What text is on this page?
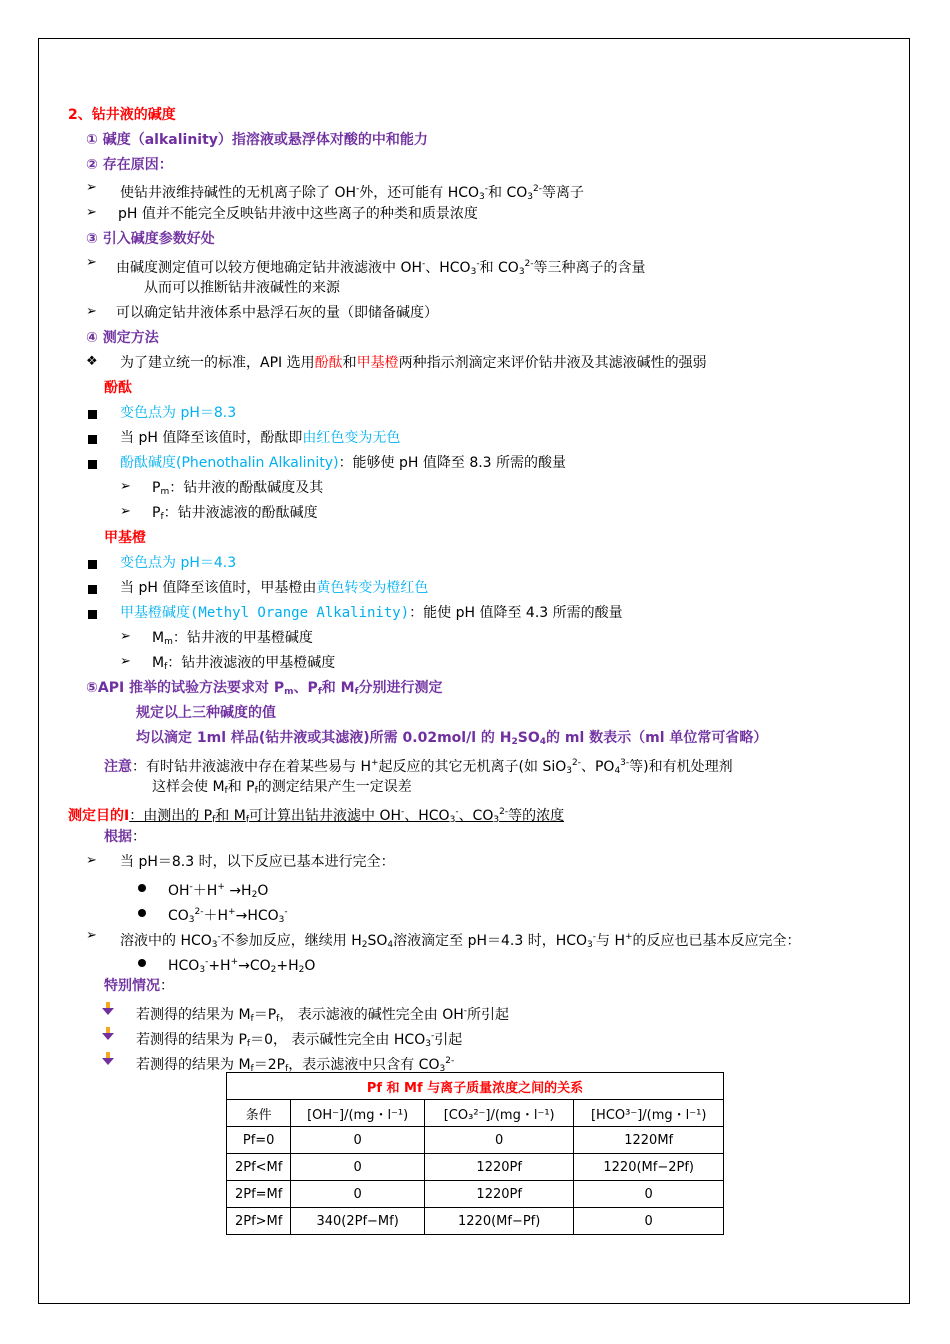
2、钻井液的碱度
① 碱度（alkalinity）指溶液或悬浮体对酸的中和能力
② 存在原因：
➢ 使钻井液维持碱性的无机离子除了 OH-外，还可能有 $HCO_3^-$和 $CO_3^{2-}$等离子
➢ pH 值并不能完全反映钻井液中这些离子的种类和质景浓度
③ 引入碱度参数好处
➢ 由碱度测定值可以较方便地确定钻井液滤液中 OH-、$HCO_3^-$和 $CO_3^{2-}$等三种离子的含量
从而可以推断钻井液碱性的来源
➢ 可以确定钻井液体系中悬浮石灰的量（即储备碱度）
④ 测定方法
❖ 为了建立统一的标准，API 选用酚酞和甲基橙两种指示剂滴定来评价钻井液及其滤液碱性的强弱
酚酞
变色点为 pH＝8.3
当 pH 值降至该值时，酚酞即由红色变为无色
酚酞碱度(Phenothalin Alkalinity)：能够使 pH 值降至 8.3 所需的酸量
➢ $P_m$：钻井液的酚酞碱度及其
➢ $P_f$：钻井液滤液的酚酞碱度
甲基橙
变色点为 pH＝4.3
当 pH 值降至该值时，甲基橙由黄色转变为橙红色
甲基橙碱度(Methyl Orange Alkalinity)：能使 pH 值降至 4.3 所需的酸量
➢ $M_m$：钻井液的甲基橙碱度
➢ $M_f$：钻井液滤液的甲基橙碱度
⑤API 推举的试验方法要求对 $P_m$、$P_f$和 $M_f$分别进行测定
规定以上三种碱度的值
均以滴定 1ml 样品(钻井液或其滤液)所需 0.02mol/l 的 $H_2SO_4$的 ml 数表示（ml 单位常可省略）
注意：有时钻井液滤液中存在着某些易与 H+起反应的其它无机离子(如 SiO$_3^{2-}$、$PO_4^{3-}$等)和有机处理剂
这样会使 $M_f$和 $P_f$的测定结果产生一定误差
测定目的Ⅰ：由测出的 $P_f$和 $M_f$可计算出钻井液滤中 OH-、$HCO_3^-$、$CO_3^{2-}$等的浓度
根据：
➢ 当 pH＝8.3 时，以下反应已基本进行完全：
$OH^-+H^+ \to H_2O$
$CO_3^{2-}+H^+\to HCO_3^-$
➢ 溶液中的 $HCO_3^-$不参加反应，继续用 $H_2SO_4$溶液滴定至 pH＝4.3 时，$HCO_3^-$与 H+的反应也已基本反应完全：
$HCO_3^-+H^+\to CO_2+H_2O$
特别情况：
若测得的结果为 $M_f=P_f$， 表示滤液的碱性完全由 OH-所引起
若测得的结果为 $P_f=0$， 表示碱性完全由 $HCO_3^-$引起
若测得的结果为 $M_f=2P_f$，表示滤液中只含有 $CO_3^{2-}$
Pf 和 Mf 与离子质量浓度之间的关系			
条件	[OH⁻]/(mg・l⁻¹)	[CO₃²⁻]/(mg・l⁻¹)	[HCO³⁻]/(mg・l⁻¹)
Pf=0	0	0	1220Mf
2Pf<Mf	0	1220Pf	1220(Mf−2Pf)
2Pf=Mf	0	1220Pf	0
2Pf>Mf	340(2Pf−Mf)	1220(Mf−Pf)	0
